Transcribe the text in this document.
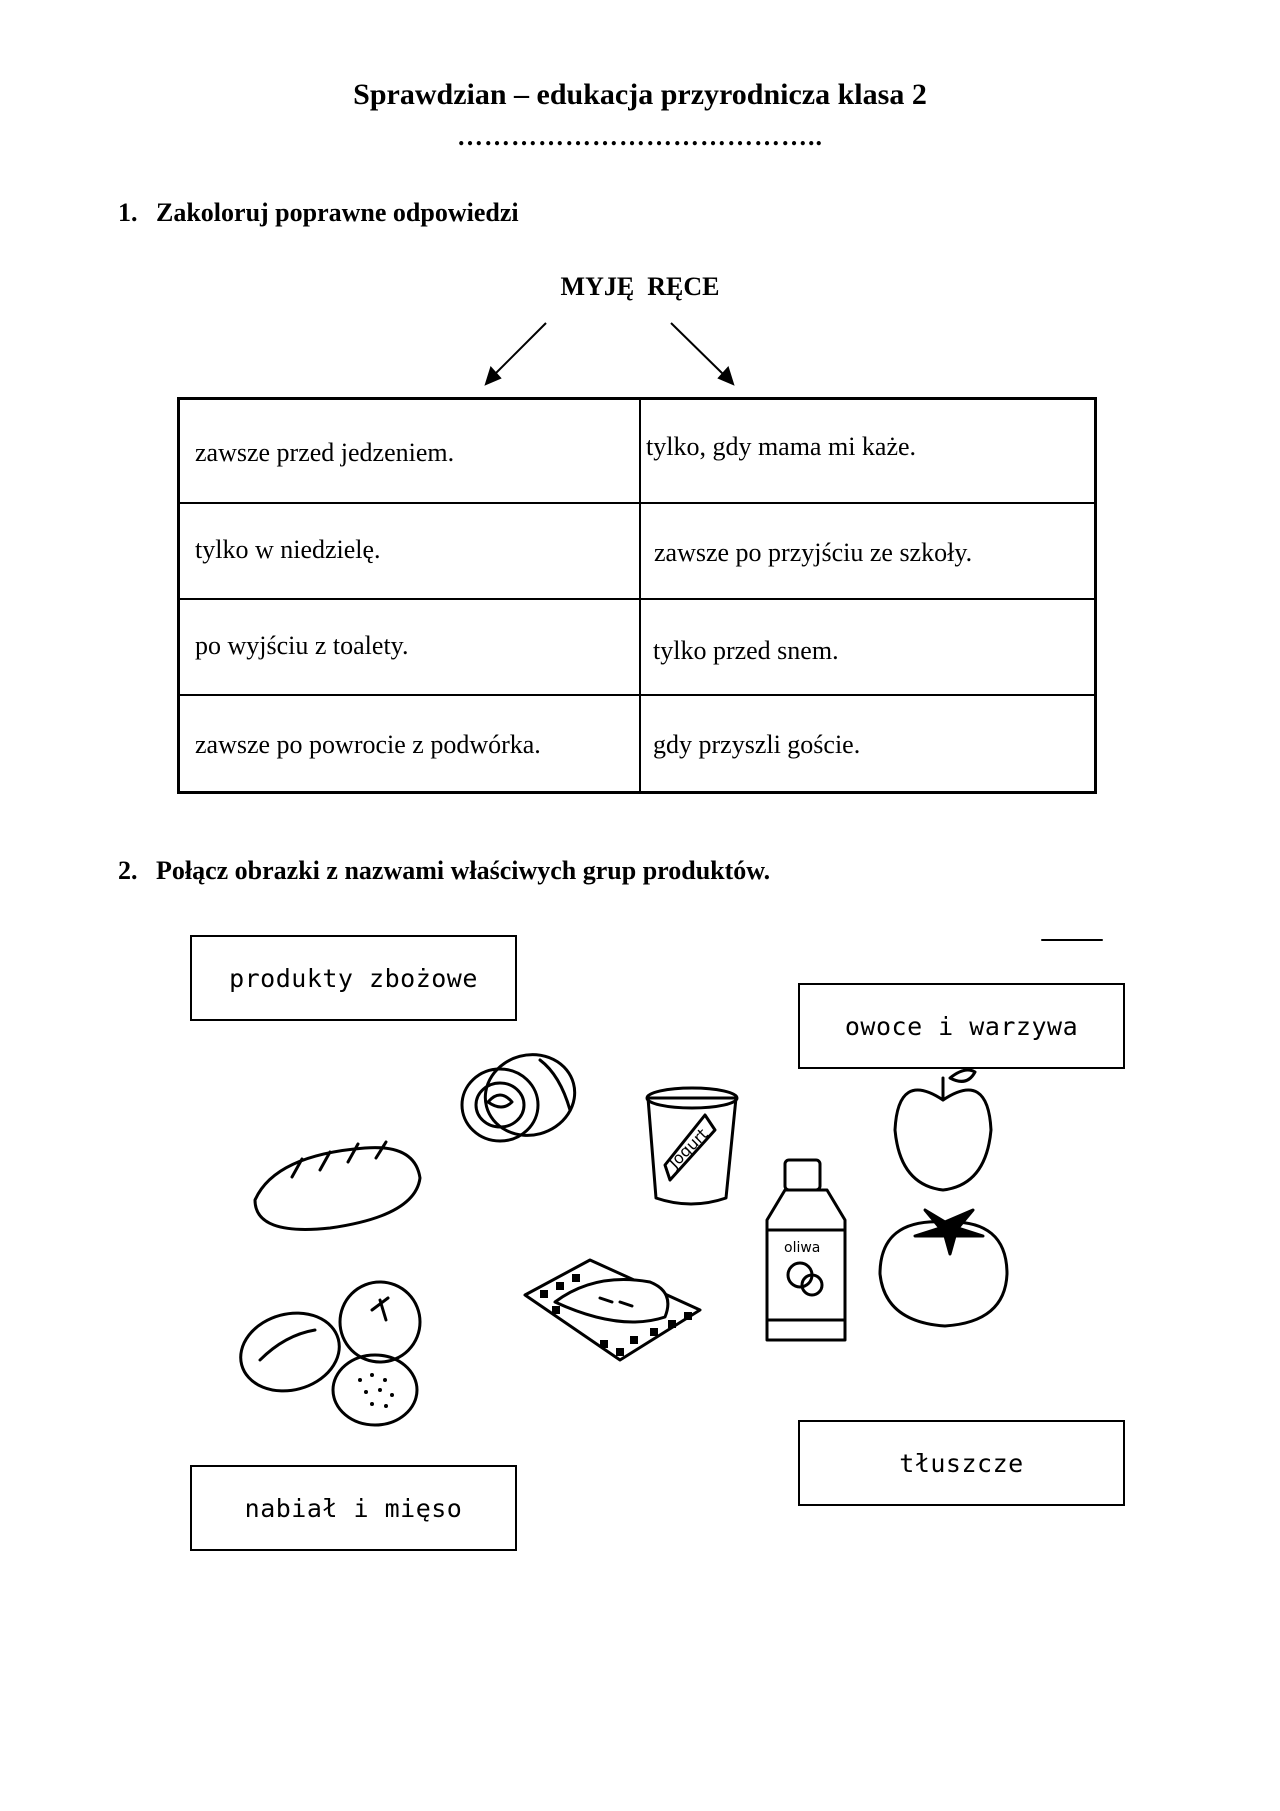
Sprawdzian – edukacja przyrodnicza klasa 2
…………………………………..
1. Zakoloruj poprawne odpowiedzi
MYJĘ  RĘCE
zawsze przed jedzeniem.	tylko, gdy mama mi każe.
tylko w niedzielę.	zawsze po przyjściu ze szkoły.
po wyjściu z toalety.	tylko przed snem.
zawsze po powrocie z podwórka.	gdy przyszli goście.
2. Połącz obrazki z nazwami właściwych grup produktów.
Jogurt
oliwa
produkty zbożowe
owoce i warzywa
nabiał i mięso
tłuszcze
